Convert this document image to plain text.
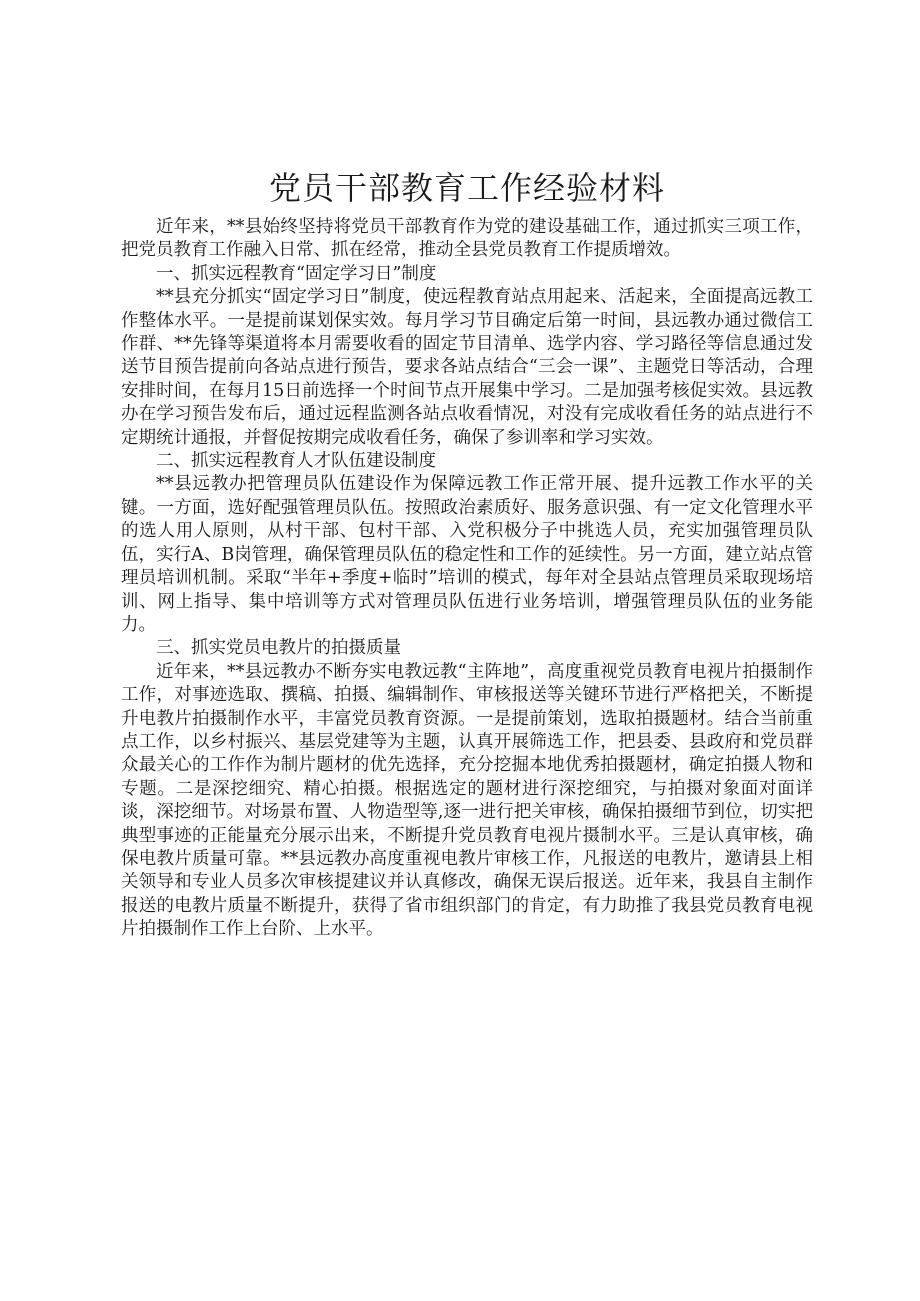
党员干部教育工作经验材料

近年来，**县始终坚持将党员干部教育作为党的建设基础工作，通过抓实三项工作，把党员教育工作融入日常、抓在经常，推动全县党员教育工作提质增效。

一、抓实远程教育“固定学习日”制度

**县充分抓实“固定学习日”制度，使远程教育站点用起来、活起来，全面提高远教工作整体水平。一是提前谋划保实效。每月学习节目确定后第一时间，县远教办通过微信工作群、**先锋等渠道将本月需要收看的固定节目清单、选学内容、学习路径等信息通过发送节目预告提前向各站点进行预告，要求各站点结合“三会一课”、主题党日等活动，合理安排时间，在每月15日前选择一个时间节点开展集中学习。二是加强考核促实效。县远教办在学习预告发布后，通过远程监测各站点收看情况，对没有完成收看任务的站点进行不定期统计通报，并督促按期完成收看任务，确保了参训率和学习实效。

二、抓实远程教育人才队伍建设制度

**县远教办把管理员队伍建设作为保障远教工作正常开展、提升远教工作水平的关键。一方面，选好配强管理员队伍。按照政治素质好、服务意识强、有一定文化管理水平的选人用人原则，从村干部、包村干部、入党积极分子中挑选人员，充实加强管理员队伍，实行A、B岗管理，确保管理员队伍的稳定性和工作的延续性。另一方面，建立站点管理员培训机制。采取“半年+季度+临时”培训的模式，每年对全县站点管理员采取现场培训、网上指导、集中培训等方式对管理员队伍进行业务培训，增强管理员队伍的业务能力。

三、抓实党员电教片的拍摄质量

近年来，**县远教办不断夯实电教远教“主阵地”，高度重视党员教育电视片拍摄制作工作，对事迹选取、撰稿、拍摄、编辑制作、审核报送等关键环节进行严格把关，不断提升电教片拍摄制作水平，丰富党员教育资源。一是提前策划，选取拍摄题材。结合当前重点工作，以乡村振兴、基层党建等为主题，认真开展筛选工作，把县委、县政府和党员群众最关心的工作作为制片题材的优先选择，充分挖掘本地优秀拍摄题材，确定拍摄人物和专题。二是深挖细究、精心拍摄。根据选定的题材进行深挖细究，与拍摄对象面对面详谈，深挖细节。对场景布置、人物造型等,逐一进行把关审核，确保拍摄细节到位，切实把典型事迹的正能量充分展示出来，不断提升党员教育电视片摄制水平。三是认真审核，确保电教片质量可靠。**县远教办高度重视电教片审核工作，凡报送的电教片，邀请县上相关领导和专业人员多次审核提建议并认真修改，确保无误后报送。近年来，我县自主制作报送的电教片质量不断提升，获得了省市组织部门的肯定，有力助推了我县党员教育电视片拍摄制作工作上台阶、上水平。
